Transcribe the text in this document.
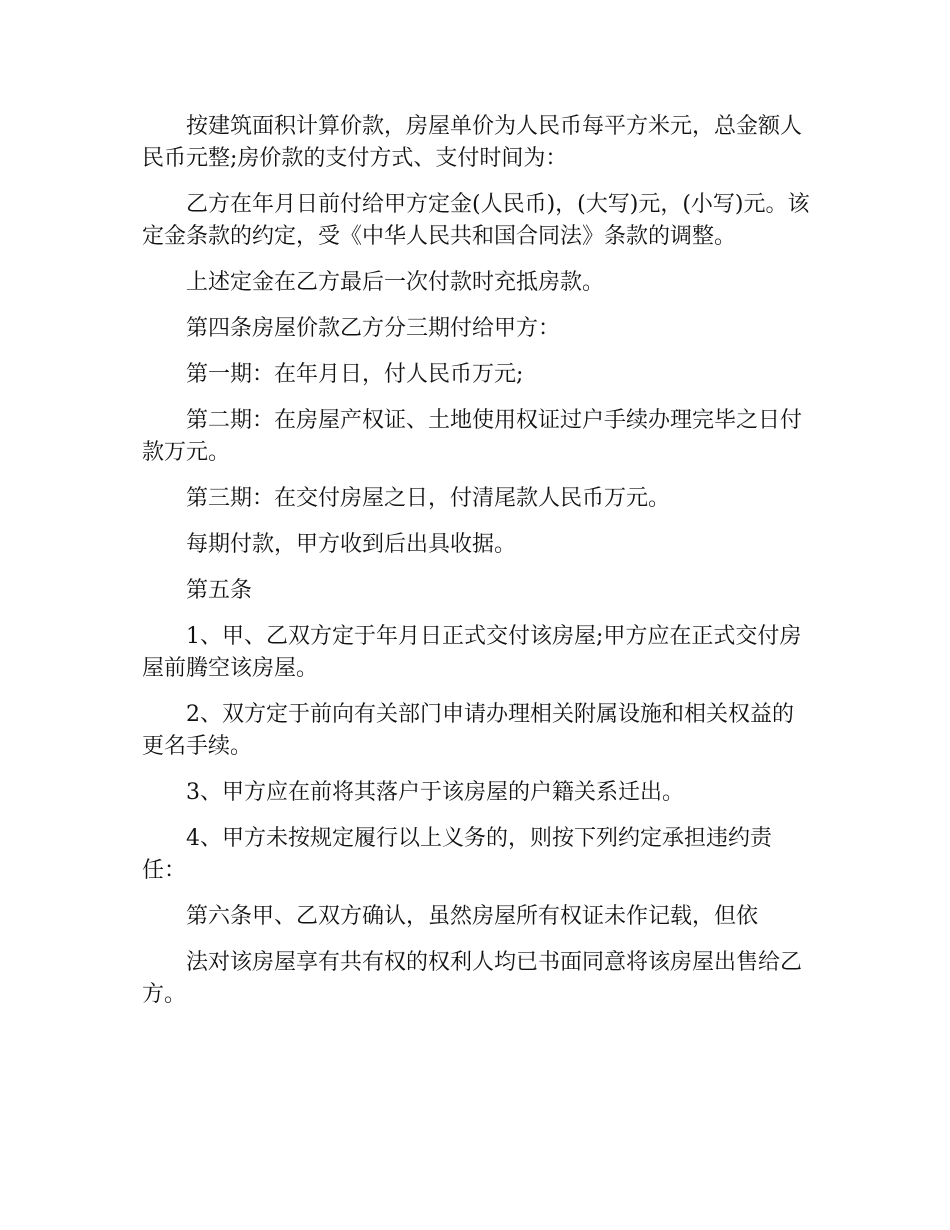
按建筑面积计算价款，房屋单价为人民币每平方米元，总金额人民币元整;房价款的支付方式、支付时间为：

乙方在年月日前付给甲方定金(人民币)，(大写)元，(小写)元。该定金条款的约定，受《中华人民共和国合同法》条款的调整。

上述定金在乙方最后一次付款时充抵房款。

第四条房屋价款乙方分三期付给甲方：

第一期：在年月日，付人民币万元;

第二期：在房屋产权证、土地使用权证过户手续办理完毕之日付款万元。

第三期：在交付房屋之日，付清尾款人民币万元。

每期付款，甲方收到后出具收据。

第五条

1、甲、乙双方定于年月日正式交付该房屋;甲方应在正式交付房屋前腾空该房屋。

2、双方定于前向有关部门申请办理相关附属设施和相关权益的更名手续。

3、甲方应在前将其落户于该房屋的户籍关系迁出。

4、甲方未按规定履行以上义务的，则按下列约定承担违约责任：

第六条甲、乙双方确认，虽然房屋所有权证未作记载，但依

法对该房屋享有共有权的权利人均已书面同意将该房屋出售给乙方。
